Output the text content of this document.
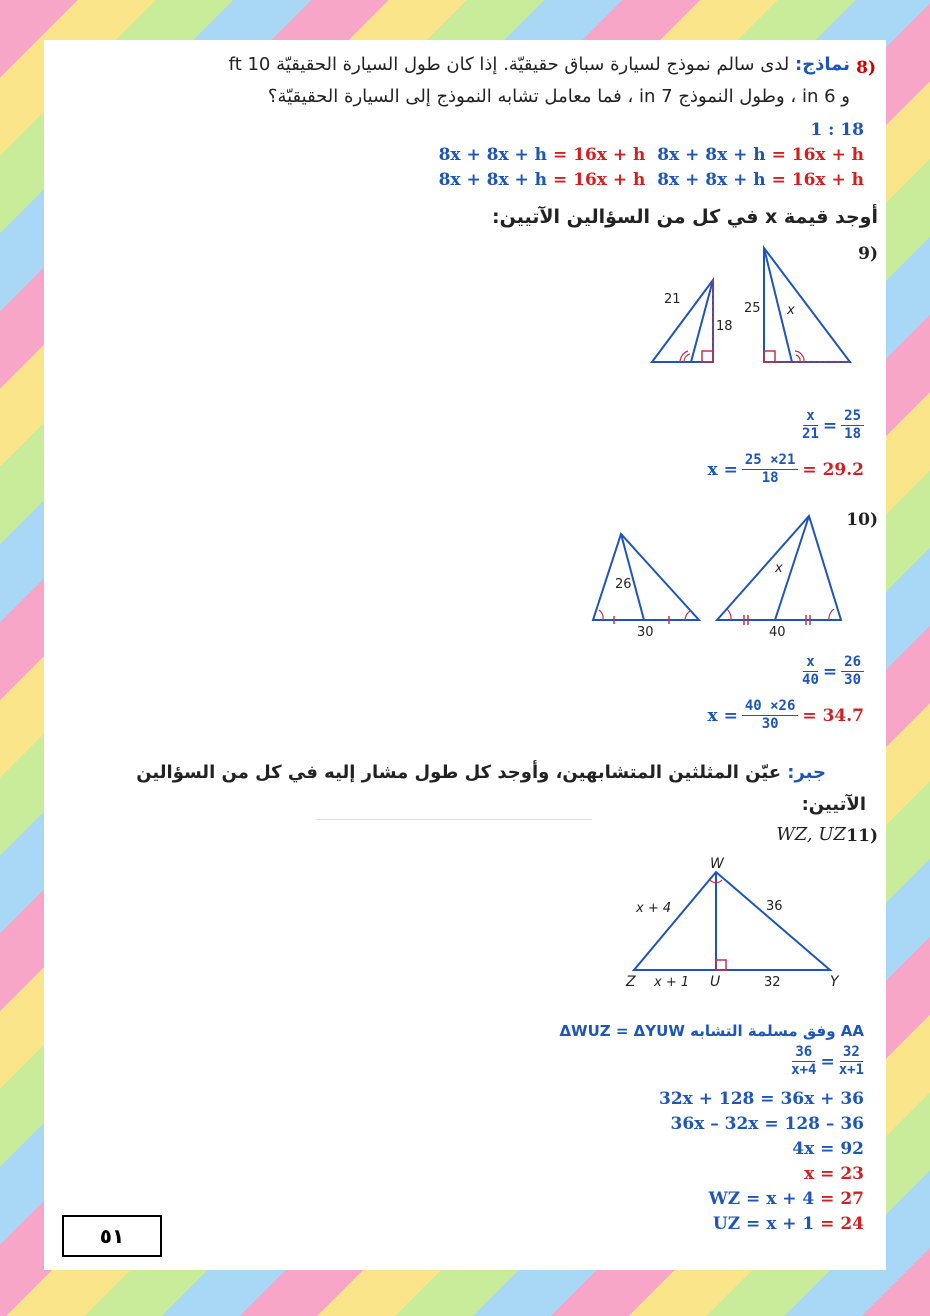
8)
نماذج: لدى سالم نموذج لسيارة سباق حقيقيّة. إذا كان طول السيارة الحقيقيّة 10 ft
و 6 in ، وطول النموذج 7 in ، فما معامل تشابه النموذج إلى السيارة الحقيقيّة؟
1 : 18
8x + 8x + h = 16x + h 8x + 8x + h = 16x + h
8x + 8x + h = 16x + h 8x + 8x + h = 16x + h
أوجد قيمة x في كل من السؤالين الآتيين:
9)
21
18
25 x
$\frac{x}{21} = \frac{25}{18}$
$x = \frac{25 \times 21}{18} = 29.2$
10)
26
30
x
40
$\frac{x}{40} = \frac{26}{30}$
$x = \frac{40 \times 26}{30} = 34.7$
جبر: عيّن المثلثين المتشابهين، وأوجد كل طول مشار إليه في كل من السؤالين
الآتيين:
11)
WZ, UZ
W
Z	U	Y
x + 4	36
x + 1	32
AA وفق مسلمة التشابه ΔWUZ = ΔYUW
$\frac{36}{x+4} = \frac{32}{x+1}$
32x + 128 = 36x + 36
36x – 32x = 128 – 36
4x = 92
x = 23
WZ = x + 4 = 27
UZ = x + 1 = 24
٥١
